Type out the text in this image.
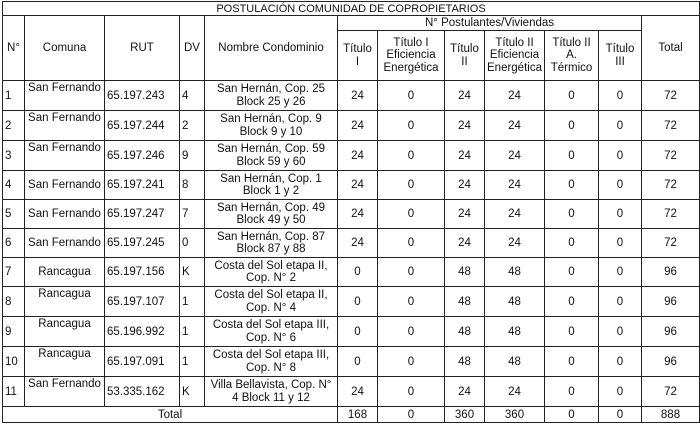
POSTULACIÓN COMUNIDAD DE COPROPIETARIOS											
N°	Comuna	RUT	DV	Nombre Condominio	N° Postulantes/Viviendas						Total
					Título I	Título I Eficiencia Energética	Título II	Título II Eficiencia Energética	Título II A. Térmico	Título III	
1	San Fernando	65.197.243	4	San Hernán, Cop. 25 Block 25 y 26	24	0	24	24	0	0	72
2	San Fernando	65.197.244	2	San Hernán, Cop. 9 Block 9 y 10	24	0	24	24	0	0	72
3	San Fernando	65.197.246	9	San Hernán, Cop. 59 Block 59 y 60	24	0	24	24	0	0	72
4	San Fernando	65.197.241	8	San Hernán, Cop. 1 Block 1 y 2	24	0	24	24	0	0	72
5	San Fernando	65.197.247	7	San Hernán, Cop. 49 Block 49 y 50	24	0	24	24	0	0	72
6	San Fernando	65.197.245	0	San Hernán, Cop. 87 Block 87 y 88	24	0	24	24	0	0	72
7	Rancagua	65.197.156	K	Costa del Sol etapa II, Cop. N° 2	0	0	48	48	0	0	96
8	Rancagua	65.197.107	1	Costa del Sol etapa II, Cop. N° 4	0	0	48	48	0	0	96
9	Rancagua	65.196.992	1	Costa del Sol etapa III, Cop. N° 6	0	0	48	48	0	0	96
10	Rancagua	65.197.091	1	Costa del Sol etapa III, Cop. N° 8	0	0	48	48	0	0	96
11	San Fernando	53.335.162	K	Villa Bellavista, Cop. N° 4 Block 11 y 12	24	0	24	24	0	0	72
Total					168	0	360	360	0	0	888
